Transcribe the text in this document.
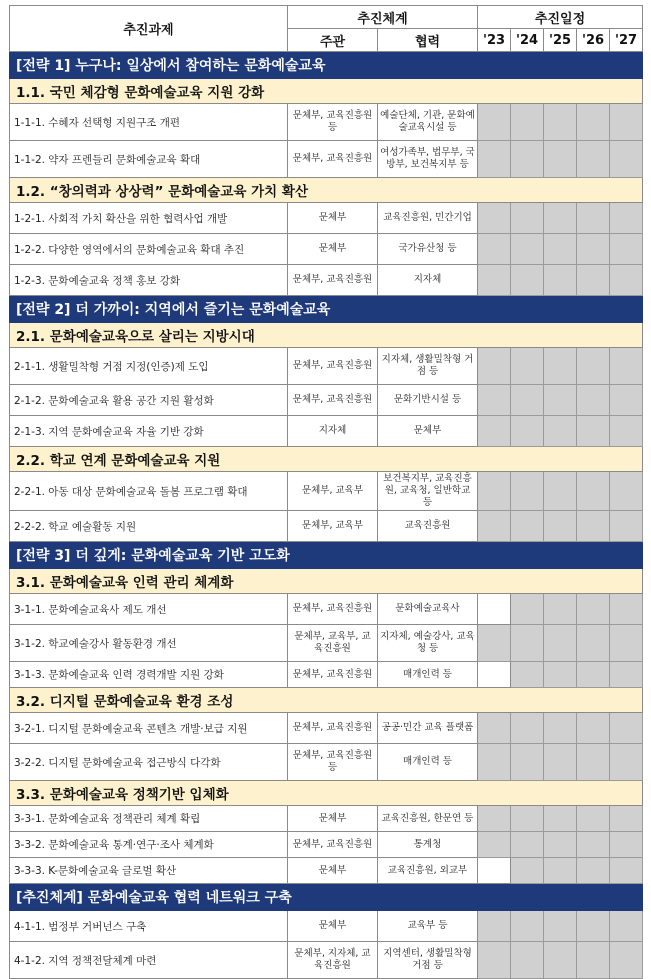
추진과제	추진체계		추진일정				
	주관	협력	'23	'24	'25	'26	'27
[전략 1] 누구나: 일상에서 참여하는 문화예술교육							
1.1. 국민 체감형 문화예술교육 지원 강화							
1-1-1. 수혜자 선택형 지원구조 개편	문체부, 교육진흥원 등	예술단체, 기관, 문화예술교육시설 등					
1-1-2. 약자 프렌들리 문화예술교육 확대	문체부, 교육진흥원	여성가족부, 법무부, 국방부, 보건복지부 등					
1.2. “창의력과 상상력” 문화예술교육 가치 확산							
1-2-1. 사회적 가치 확산을 위한 협력사업 개발	문체부	교육진흥원, 민간기업					
1-2-2. 다양한 영역에서의 문화예술교육 확대 추진	문체부	국가유산청 등					
1-2-3. 문화예술교육 정책 홍보 강화	문체부, 교육진흥원	지자체					
[전략 2] 더 가까이: 지역에서 즐기는 문화예술교육							
2.1. 문화예술교육으로 살리는 지방시대							
2-1-1. 생활밀착형 거점 지정(인증)제 도입	문체부, 교육진흥원	지자체, 생활밀착형 거점 등					
2-1-2. 문화예술교육 활용 공간 지원 활성화	문체부, 교육진흥원	문화기반시설 등					
2-1-3. 지역 문화예술교육 자율 기반 강화	지자체	문체부					
2.2. 학교 연계 문화예술교육 지원							
2-2-1. 아동 대상 문화예술교육 돌봄 프로그램 확대	문체부, 교육부	보건복지부, 교육진흥원, 교육청, 일반학교 등					
2-2-2. 학교 예술활동 지원	문체부, 교육부	교육진흥원					
[전략 3] 더 깊게: 문화예술교육 기반 고도화							
3.1. 문화예술교육 인력 관리 체계화							
3-1-1. 문화예술교육사 제도 개선	문체부, 교육진흥원	문화예술교육사					
3-1-2. 학교예술강사 활동환경 개선	문체부, 교육부, 교육진흥원	지자체, 예술강사, 교육청 등					
3-1-3. 문화예술교육 인력 경력개발 지원 강화	문체부, 교육진흥원	매개인력 등					
3.2. 디지털 문화예술교육 환경 조성							
3-2-1. 디지털 문화예술교육 콘텐츠 개발·보급 지원	문체부, 교육진흥원	공공·민간 교육 플랫폼					
3-2-2. 디지털 문화예술교육 접근방식 다각화	문체부, 교육진흥원 등	매개인력 등					
3.3. 문화예술교육 정책기반 입체화							
3-3-1. 문화예술교육 정책관리 체계 확립	문체부	교육진흥원, 한문연 등					
3-3-2. 문화예술교육 통계·연구·조사 체계화	문체부, 교육진흥원	통계청					
3-3-3. K-문화예술교육 글로벌 확산	문체부	교육진흥원, 외교부					
[추진체계] 문화예술교육 협력 네트워크 구축							
4-1-1. 범정부 거버넌스 구축	문체부	교육부 등					
4-1-2. 지역 정책전달체계 마련	문체부, 지자체, 교육진흥원	지역센터, 생활밀착형 거점 등					
